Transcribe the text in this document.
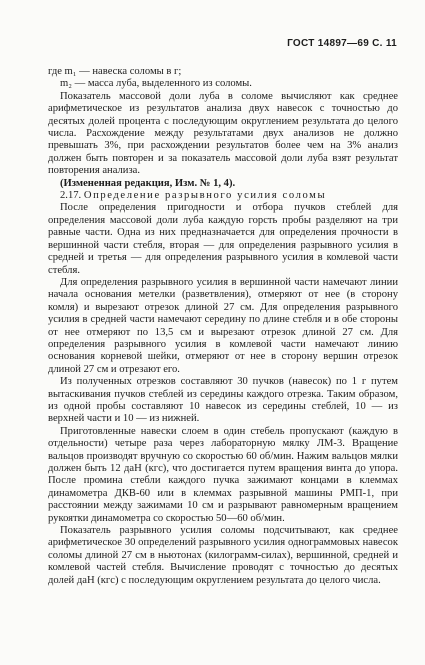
ГОСТ 14897—69 С. 11

где m₁ — навеска соломы в г;

m₂ — масса луба, выделенного из соломы.

Показатель массовой доли луба в соломе вычисляют как среднее арифметическое из результатов анализа двух навесок с точностью до десятых долей процента с последующим округлением результата до целого числа. Расхождение между результатами двух анализов не должно превышать 3%, при расхождении результатов более чем на 3% анализ должен быть повторен и за показатель массовой доли луба взят результат повторения анализа.

(Измененная редакция, Изм. № 1, 4).

2.17. Определение разрывного усилия соломы

После определения пригодности и отбора пучков стеблей для определения массовой доли луба каждую горсть пробы разделяют на три равные части. Одна из них предназначается для определения прочности в вершинной части стебля, вторая — для определения разрывного усилия в средней и третья — для определения разрывного усилия в комлевой части стебля.

Для определения разрывного усилия в вершинной части намечают линии начала основания метелки (разветвления), отмеряют от нее (в сторону комля) и вырезают отрезок длиной 27 см. Для определения разрывного усилия в средней части намечают середину по длине стебля и в обе стороны от нее отмеряют по 13,5 см и вырезают отрезок длиной 27 см. Для определения разрывного усилия в комлевой части намечают линию основания корневой шейки, отмеряют от нее в сторону вершин отрезок длиной 27 см и отрезают его.

Из полученных отрезков составляют 30 пучков (навесок) по 1 г путем вытаскивания пучков стеблей из середины каждого отрезка. Таким образом, из одной пробы составляют 10 навесок из середины стеблей, 10 — из верхней части и 10 — из нижней.

Приготовленные навески слоем в один стебель пропускают (каждую в отдельности) четыре раза через лабораторную мялку ЛМ-3. Вращение вальцов производят вручную со скоростью 60 об/мин. Нажим вальцов мялки должен быть 12 даН (кгс), что достигается путем вращения винта до упора. После промина стебли каждого пучка зажимают концами в клеммах динамометра ДКВ-60 или в клеммах разрывной машины РМП-1, при расстоянии между зажимами 10 см и разрывают равномерным вращением рукоятки динамометра со скоростью 50—60 об/мин.

Показатель разрывного усилия соломы подсчитывают, как среднее арифметическое 30 определений разрывного усилия однограммовых навесок соломы длиной 27 см в ньютонах (килограмм-силах), вершинной, средней и комлевой частей стебля. Вычисление проводят с точностью до десятых долей даН (кгс) с последующим округлением результата до целого числа.
